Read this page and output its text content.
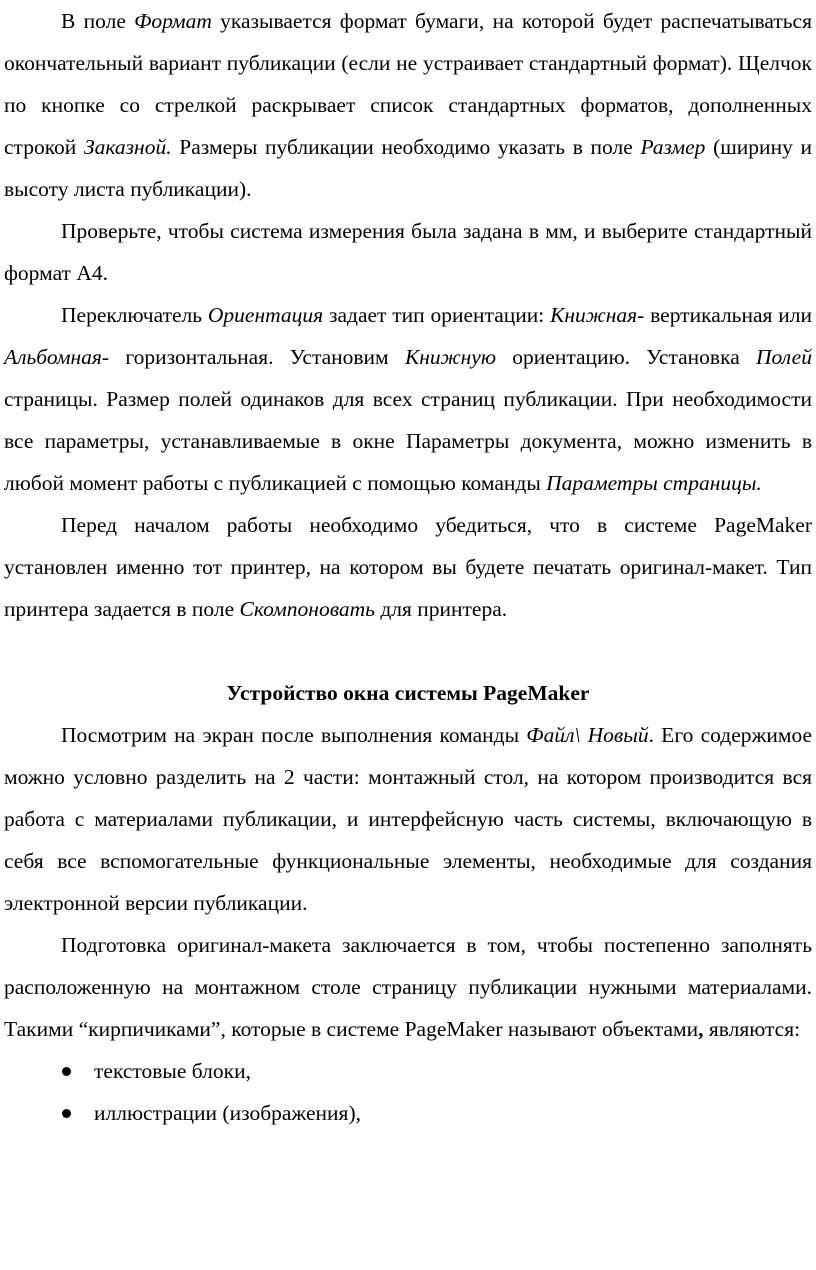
В поле Формат указывается формат бумаги, на которой будет распечатываться окончательный вариант публикации (если не устраивает стандартный формат). Щелчок по кнопке со стрелкой раскрывает список стандартных форматов, дополненных строкой Заказной. Размеры публикации необходимо указать в поле Размер (ширину и высоту листа публикации).

Проверьте, чтобы система измерения была задана в мм, и выберите стандартный формат А4.

Переключатель Ориентация задает тип ориентации: Книжная- вертикальная или Альбомная- горизонтальная. Установим Книжную ориентацию. Установка Полей страницы. Размер полей одинаков для всех страниц публикации. При необходимости все параметры, устанавливаемые в окне Параметры документа, можно изменить в любой момент работы с публикацией с помощью команды Параметры страницы.

Перед началом работы необходимо убедиться, что в системе PageMaker установлен именно тот принтер, на котором вы будете печатать оригинал-макет. Тип принтера задается в поле Скомпоновать для принтера.

Устройство окна системы PageMaker

Посмотрим на экран после выполнения команды Файл\ Новый. Его содержимое можно условно разделить на 2 части: монтажный стол, на котором производится вся работа с материалами публикации, и интерфейсную часть системы, включающую в себя все вспомогательные функциональные элементы, необходимые для создания электронной версии публикации.

Подготовка оригинал-макета заключается в том, чтобы постепенно заполнять расположенную на монтажном столе страницу публикации нужными материалами. Такими “кирпичиками”, которые в системе PageMaker называют объектами, являются:

текстовые блоки,
иллюстрации (изображения),
